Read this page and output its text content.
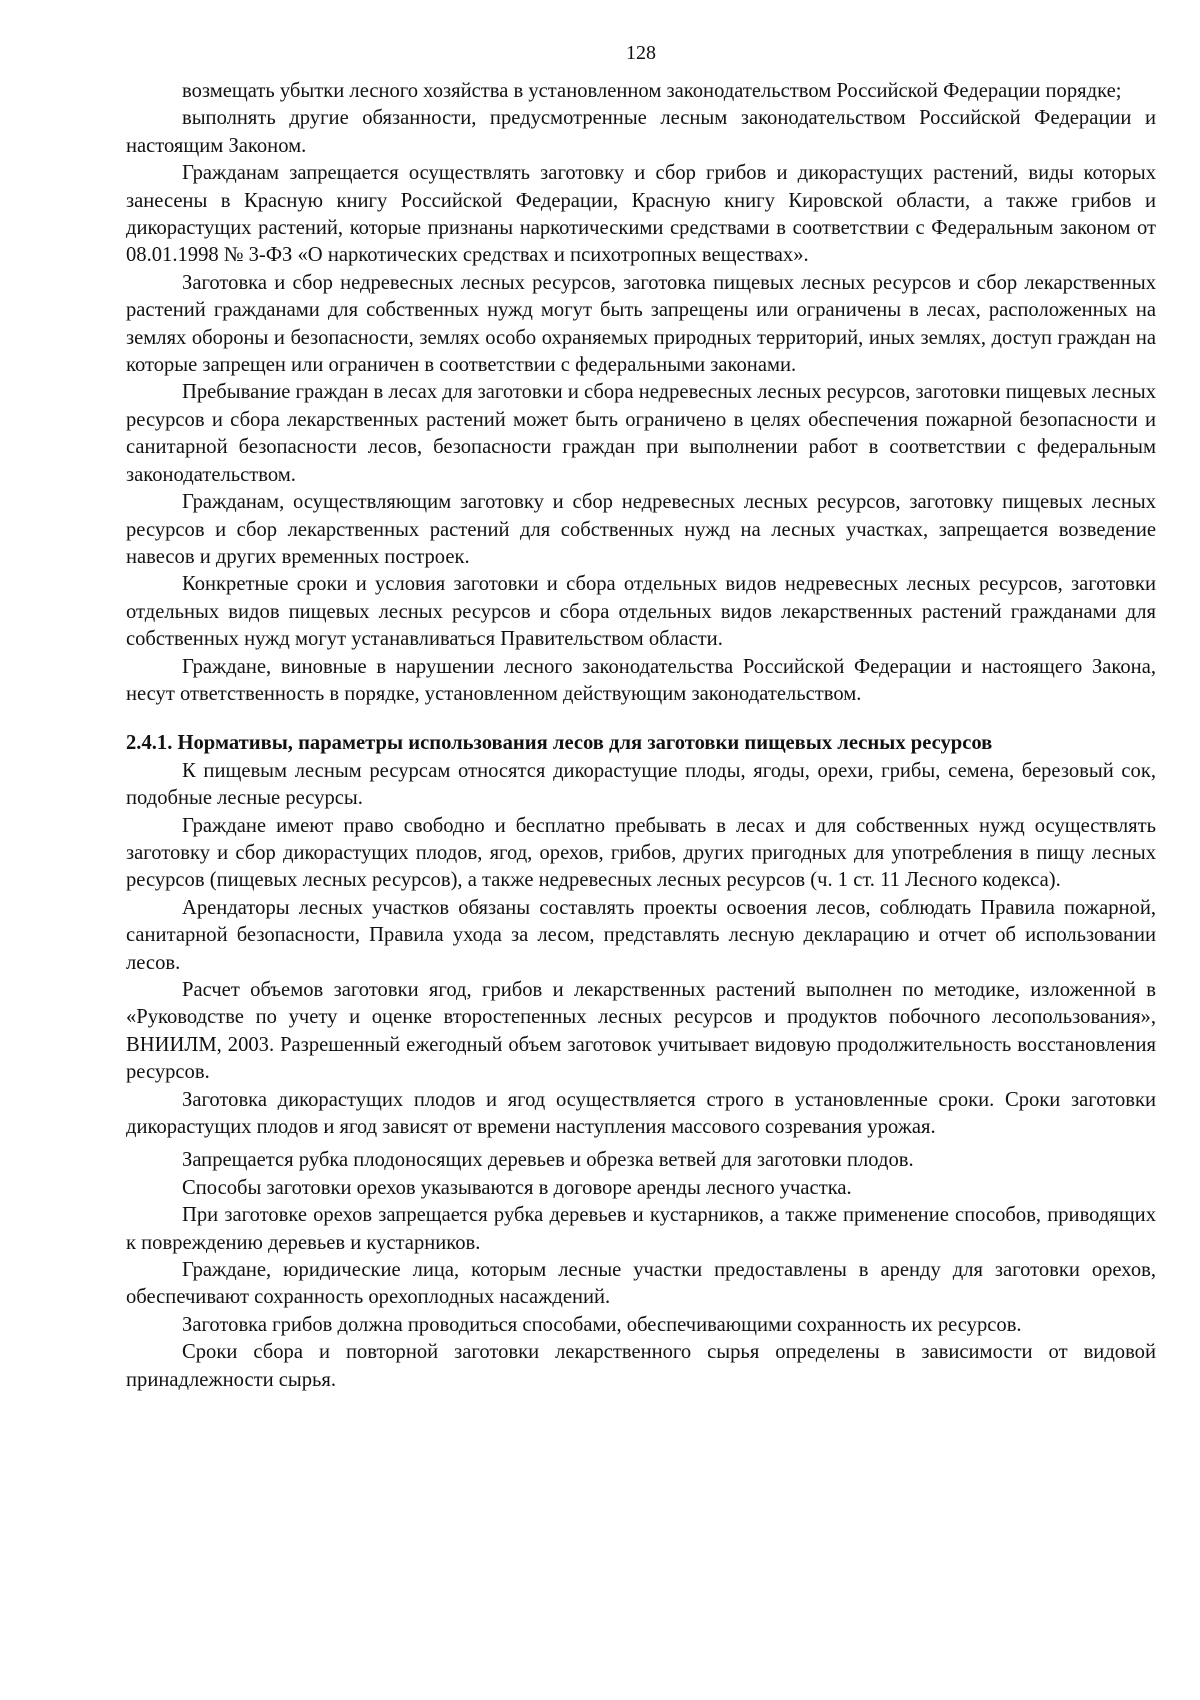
128

возмещать убытки лесного хозяйства в установленном законодательством Российской Федерации порядке;

выполнять другие обязанности, предусмотренные лесным законодательством Российской Федерации и настоящим Законом.

Гражданам запрещается осуществлять заготовку и сбор грибов и дикорастущих растений, виды которых занесены в Красную книгу Российской Федерации, Красную книгу Кировской области, а также грибов и дикорастущих растений, которые признаны наркотическими средствами в соответствии с Федеральным законом от 08.01.1998 № 3-ФЗ «О наркотических средствах и психотропных веществах».

Заготовка и сбор недревесных лесных ресурсов, заготовка пищевых лесных ресурсов и сбор лекарственных растений гражданами для собственных нужд могут быть запрещены или ограничены в лесах, расположенных на землях обороны и безопасности, землях особо охраняемых природных территорий, иных землях, доступ граждан на которые запрещен или ограничен в соответствии с федеральными законами.

Пребывание граждан в лесах для заготовки и сбора недревесных лесных ресурсов, заготовки пищевых лесных ресурсов и сбора лекарственных растений может быть ограничено в целях обеспечения пожарной безопасности и санитарной безопасности лесов, безопасности граждан при выполнении работ в соответствии с федеральным законодательством.

Гражданам, осуществляющим заготовку и сбор недревесных лесных ресурсов, заготовку пищевых лесных ресурсов и сбор лекарственных растений для собственных нужд на лесных участках, запрещается возведение навесов и других временных построек.

Конкретные сроки и условия заготовки и сбора отдельных видов недревесных лесных ресурсов, заготовки отдельных видов пищевых лесных ресурсов и сбора отдельных видов лекарственных растений гражданами для собственных нужд могут устанавливаться Правительством области.

Граждане, виновные в нарушении лесного законодательства Российской Федерации и настоящего Закона, несут ответственность в порядке, установленном действующим законодательством.

2.4.1. Нормативы, параметры использования лесов для заготовки пищевых лесных ресурсов

К пищевым лесным ресурсам относятся дикорастущие плоды, ягоды, орехи, грибы, семена, березовый сок, подобные лесные ресурсы.

Граждане имеют право свободно и бесплатно пребывать в лесах и для собственных нужд осуществлять заготовку и сбор дикорастущих плодов, ягод, орехов, грибов, других пригодных для употребления в пищу лесных ресурсов (пищевых лесных ресурсов), а также недревесных лесных ресурсов (ч. 1 ст. 11 Лесного кодекса).

Арендаторы лесных участков обязаны составлять проекты освоения лесов, соблюдать Правила пожарной, санитарной безопасности, Правила ухода за лесом, представлять лесную декларацию и отчет об использовании лесов.

Расчет объемов заготовки ягод, грибов и лекарственных растений выполнен по методике, изложенной в «Руководстве по учету и оценке второстепенных лесных ресурсов и продуктов побочного лесопользования», ВНИИЛМ, 2003. Разрешенный ежегодный объем заготовок учитывает видовую продолжительность восстановления ресурсов.

Заготовка дикорастущих плодов и ягод осуществляется строго в установленные сроки. Сроки заготовки дикорастущих плодов и ягод зависят от времени наступления массового созревания урожая.

Запрещается рубка плодоносящих деревьев и обрезка ветвей для заготовки плодов.

Способы заготовки орехов указываются в договоре аренды лесного участка.

При заготовке орехов запрещается рубка деревьев и кустарников, а также применение способов, приводящих к повреждению деревьев и кустарников.

Граждане, юридические лица, которым лесные участки предоставлены в аренду для заготовки орехов, обеспечивают сохранность орехоплодных насаждений.

Заготовка грибов должна проводиться способами, обеспечивающими сохранность их ресурсов.

Сроки сбора и повторной заготовки лекарственного сырья определены в зависимости от видовой принадлежности сырья.
